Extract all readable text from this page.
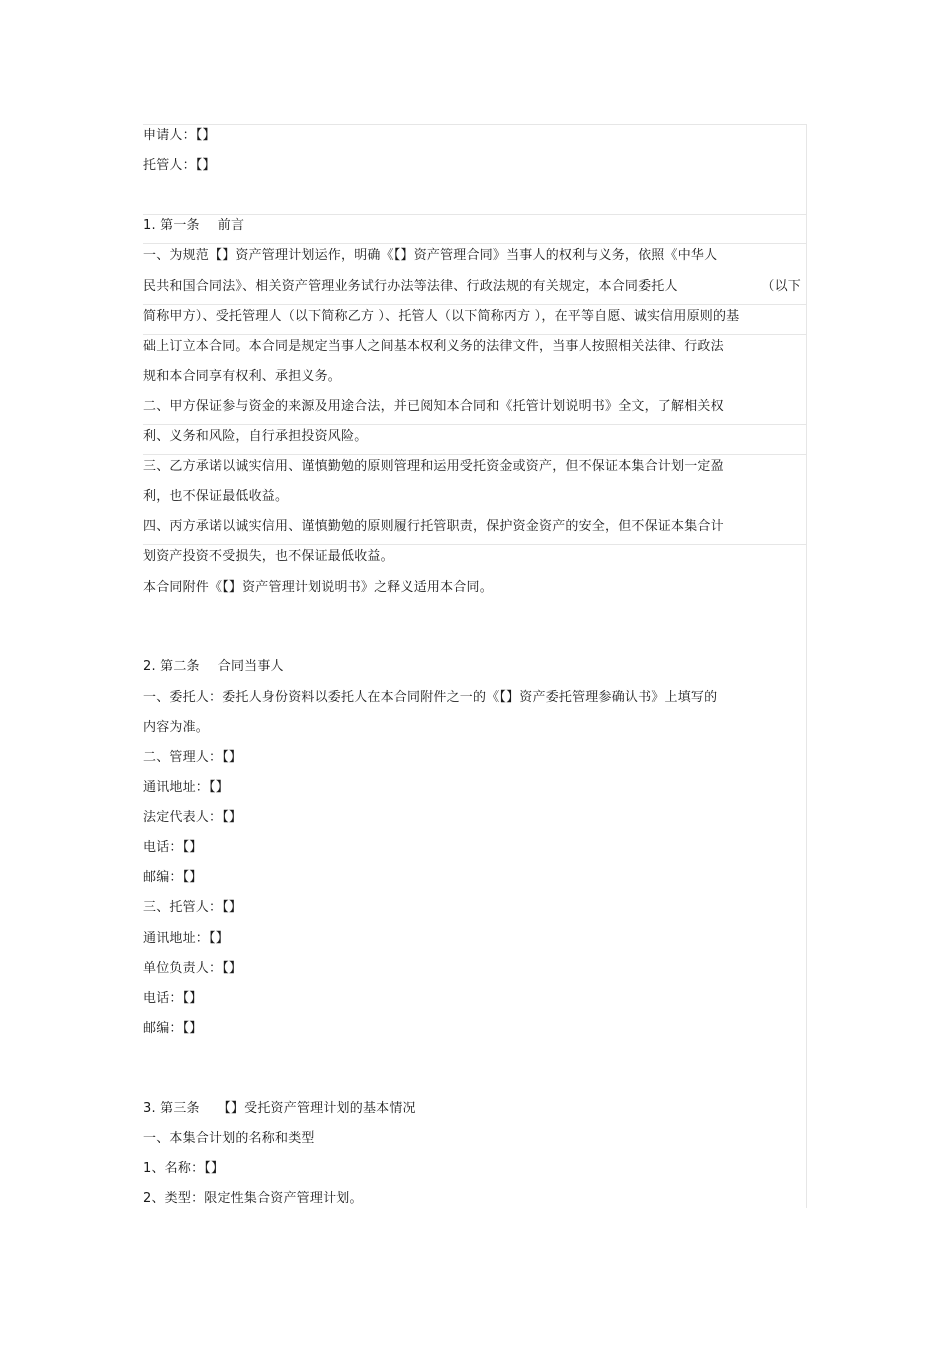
申请人：【】
托管人：【】
1. 第一条 前言
一、为规范【】资产管理计划运作，明确《【】资产管理合同》当事人的权利与义务，依照《中华人
民共和国合同法》、相关资产管理业务试行办法等法律、行政法规的有关规定，本合同委托人	（以下
简称甲方）、受托管理人（以下简称乙方 ）、托管人（以下简称丙方 ），在平等自愿、诚实信用原则的基
础上订立本合同。本合同是规定当事人之间基本权利义务的法律文件，当事人按照相关法律、行政法
规和本合同享有权利、承担义务。
二、甲方保证参与资金的来源及用途合法，并已阅知本合同和《托管计划说明书》全文，了解相关权
利、义务和风险，自行承担投资风险。
三、乙方承诺以诚实信用、谨慎勤勉的原则管理和运用受托资金或资产，但不保证本集合计划一定盈
利，也不保证最低收益。
四、丙方承诺以诚实信用、谨慎勤勉的原则履行托管职责，保护资金资产的安全，但不保证本集合计
划资产投资不受损失，也不保证最低收益。
本合同附件《【】资产管理计划说明书》之释义适用本合同。
2. 第二条 合同当事人
一、委托人：委托人身份资料以委托人在本合同附件之一的《【】资产委托管理参确认书》上填写的
内容为准。
二、管理人：【】
通讯地址：【】
法定代表人：【】
电话：【】
邮编：【】
三、托管人：【】
通讯地址：【】
单位负责人：【】
电话：【】
邮编：【】
3. 第三条 【】受托资产管理计划的基本情况
一、本集合计划的名称和类型
1、名称：【】
2、类型：限定性集合资产管理计划。
